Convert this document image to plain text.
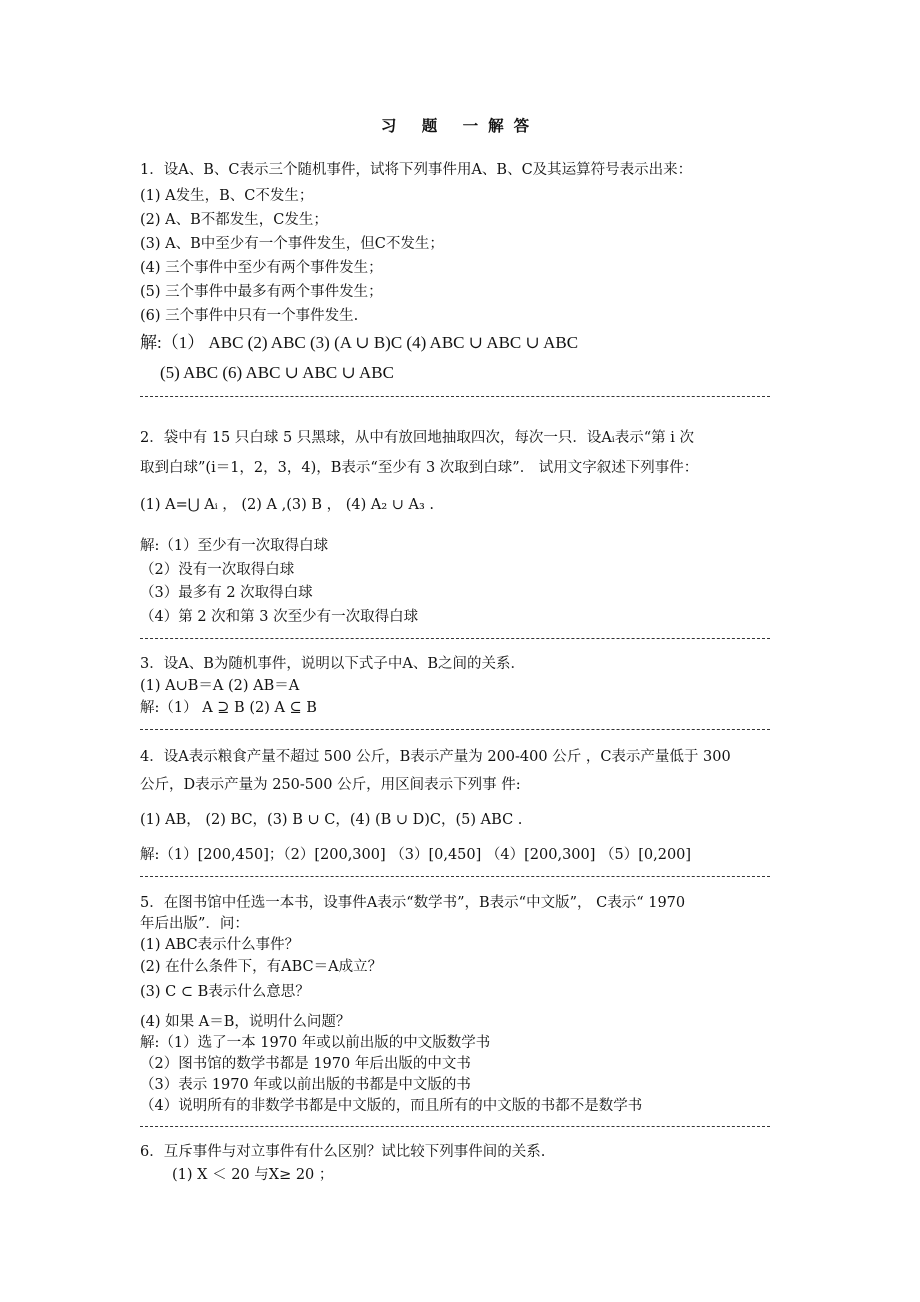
习 题 一解答
1．设A、B、C表示三个随机事件，试将下列事件用A、B、C及其运算符号表示出来：
(1) A发生，B、C不发生；
(2) A、B不都发生，C发生；
(3) A、B中至少有一个事件发生，但C不发生；
(4) 三个事件中至少有两个事件发生；
(5) 三个事件中最多有两个事件发生；
(6) 三个事件中只有一个事件发生.
解:（1） ABC (2) ABC (3) (A ∪ B)C (4) ABC ∪ ABC ∪ ABC
(5) ABC (6) ABC ∪ ABC ∪ ABC
2．袋中有 15 只白球 5 只黑球，从中有放回地抽取四次，每次一只．设Aᵢ表示“第 i 次
取到白球”(i＝1，2，3，4)，B表示“至少有 3 次取到白球”． 试用文字叙述下列事件：
(1) A=⋃ Aᵢ ， (2) A ,(3) B ， (4) A₂ ∪ A₃ .
解:（1）至少有一次取得白球
（2）没有一次取得白球
（3）最多有 2 次取得白球
（4）第 2 次和第 3 次至少有一次取得白球
3．设A、B为随机事件，说明以下式子中A、B之间的关系．
(1) A∪B＝A (2) AB＝A
解:（1） A ⊇ B (2) A ⊆ B
4．设A表示粮食产量不超过 500 公斤，B表示产量为 200-400 公斤 ，C表示产量低于 300
公斤，D表示产量为 250-500 公斤，用区间表示下列事 件:
(1) AB， (2) BC，(3) B ∪ C，(4) (B ∪ D)C，(5) ABC .
解:（1）[200,450]；（2）[200,300] （3）[0,450] （4）[200,300] （5）[0,200]
5．在图书馆中任选一本书，设事件A表示“数学书”，B表示“中文版”， C表示“ 1970
年后出版”．问：
(1) ABC表示什么事件？
(2) 在什么条件下，有ABC＝A成立？
(3) C ⊂ B表示什么意思？
(4) 如果 A＝B，说明什么问题？
解:（1）选了一本 1970 年或以前出版的中文版数学书
（2）图书馆的数学书都是 1970 年后出版的中文书
（3）表示 1970 年或以前出版的书都是中文版的书
（4）说明所有的非数学书都是中文版的，而且所有的中文版的书都不是数学书
6．互斥事件与对立事件有什么区别？试比较下列事件间的关系.
(1) X ＜ 20 与X≥ 20 ；
